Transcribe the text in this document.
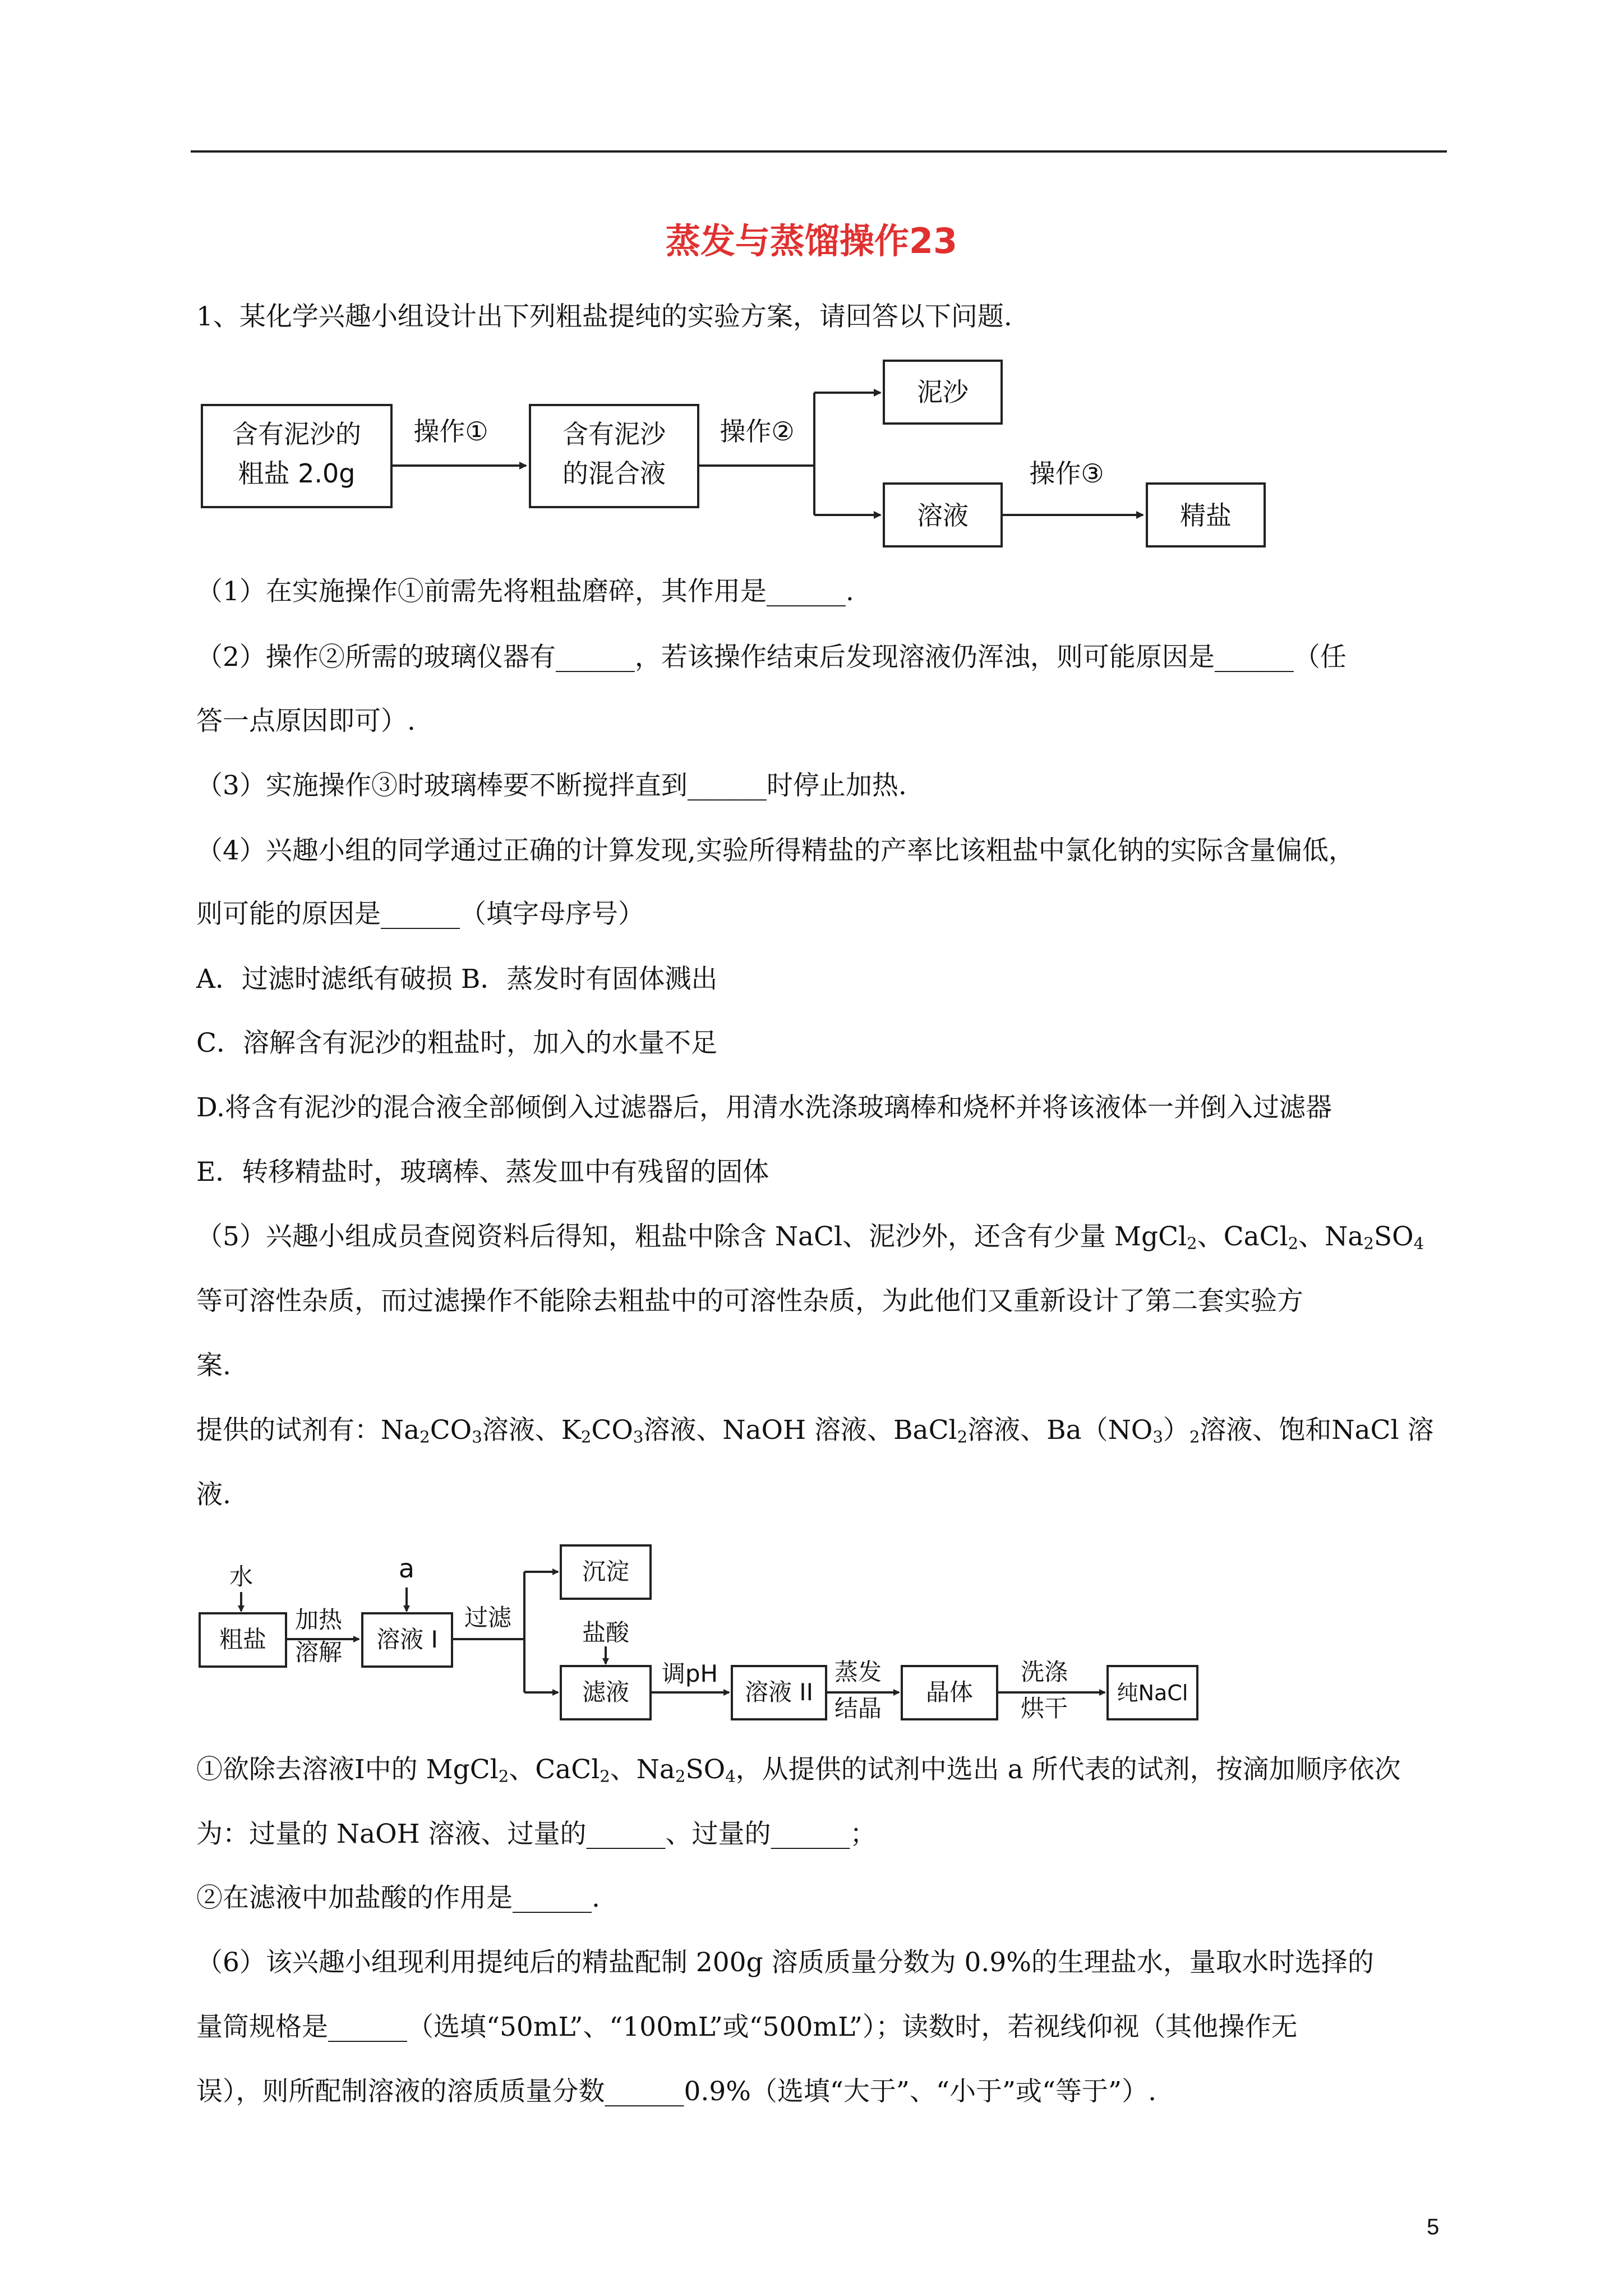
蒸发与蒸馏操作23
1、某化学兴趣小组设计出下列粗盐提纯的实验方案，请回答以下问题.
含有泥沙的
粗盐 2.0g
操作①	含有泥沙
的混合液
操作②
泥沙
溶液
操作③
精盐
（1）在实施操作①前需先将粗盐磨碎，其作用是______.
（2）操作②所需的玻璃仪器有______，若该操作结束后发现溶液仍浑浊，则可能原因是______（任
答一点原因即可）.
（3）实施操作③时玻璃棒要不断搅拌直到______时停止加热.
（4）兴趣小组的同学通过正确的计算发现,实验所得精盐的产率比该粗盐中氯化钠的实际含量偏低，
则可能的原因是______（填字母序号）
A．过滤时滤纸有破损 B．蒸发时有固体溅出
C．溶解含有泥沙的粗盐时，加入的水量不足
D.将含有泥沙的混合液全部倾倒入过滤器后，用清水洗涤玻璃棒和烧杯并将该液体一并倒入过滤器
E．转移精盐时，玻璃棒、蒸发皿中有残留的固体
（5）兴趣小组成员查阅资料后得知，粗盐中除含 NaCl、泥沙外，还含有少量 MgCl$_2$、CaCl$_2$、$Na_2SO_4$
等可溶性杂质，而过滤操作不能除去粗盐中的可溶性杂质，为此他们又重新设计了第二套实验方
案.
提供的试剂有：$Na_2CO_3$溶液、$K_2CO_3$溶液、NaOH 溶液、BaCl$_2$溶液、$Ba(NO_3)_2$溶液、饱和NaCl 溶
液.
水
粗盐
加热
溶解
a
溶液 I
过滤
沉淀
盐酸
滤液
调pH
溶液 II
蒸发
结晶
晶体
洗涤
烘干
纯NaCl
①欲除去溶液Ⅰ中的 MgCl$_2$、CaCl$_2$、$Na_2SO_4$，从提供的试剂中选出 a 所代表的试剂，按滴加顺序依次
为：过量的 NaOH 溶液、过量的______、过量的______；
②在滤液中加盐酸的作用是______.
（6）该兴趣小组现利用提纯后的精盐配制 200g 溶质质量分数为 0.9%的生理盐水，量取水时选择的
量筒规格是______（选填“50mL”、“100mL”或“500mL”）；读数时，若视线仰视（其他操作无
误），则所配制溶液的溶质质量分数______0.9%（选填“大于”、“小于”或“等于”）.
5
